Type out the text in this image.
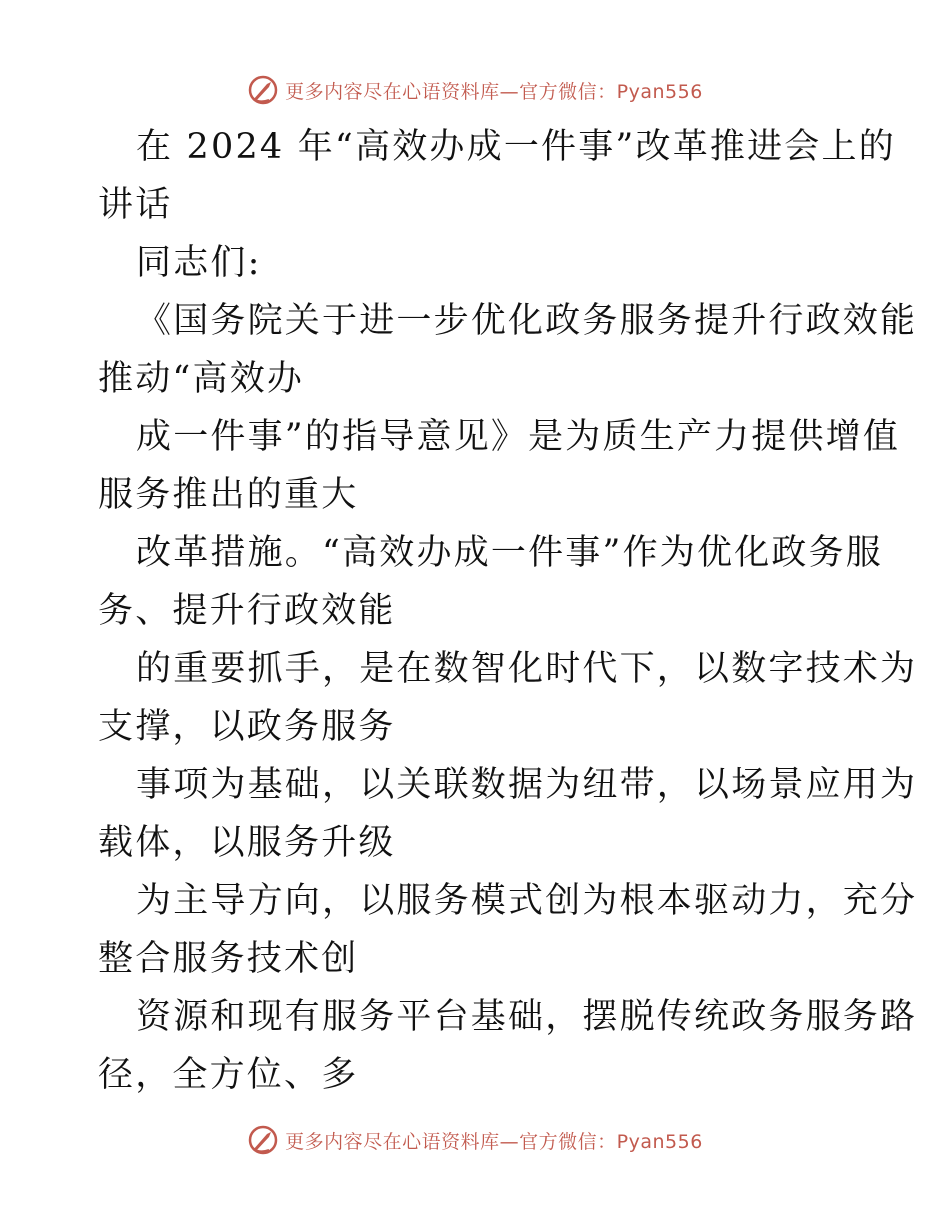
更多内容尽在心语资料库—官方微信：Pyan556
在 2024 年“高效办成一件事”改革推进会上的
讲话
同志们:
《国务院关于进一步优化政务服务提升行政效能
推动“高效办
成一件事”的指导意见》是为质生产力提供增值
服务推出的重大
改革措施。“高效办成一件事”作为优化政务服
务、提升行政效能
的重要抓手，是在数智化时代下，以数字技术为
支撑，以政务服务
事项为基础，以关联数据为纽带，以场景应用为
载体，以服务升级
为主导方向，以服务模式创为根本驱动力，充分
整合服务技术创
资源和现有服务平台基础，摆脱传统政务服务路
径，全方位、多
更多内容尽在心语资料库—官方微信：Pyan556
